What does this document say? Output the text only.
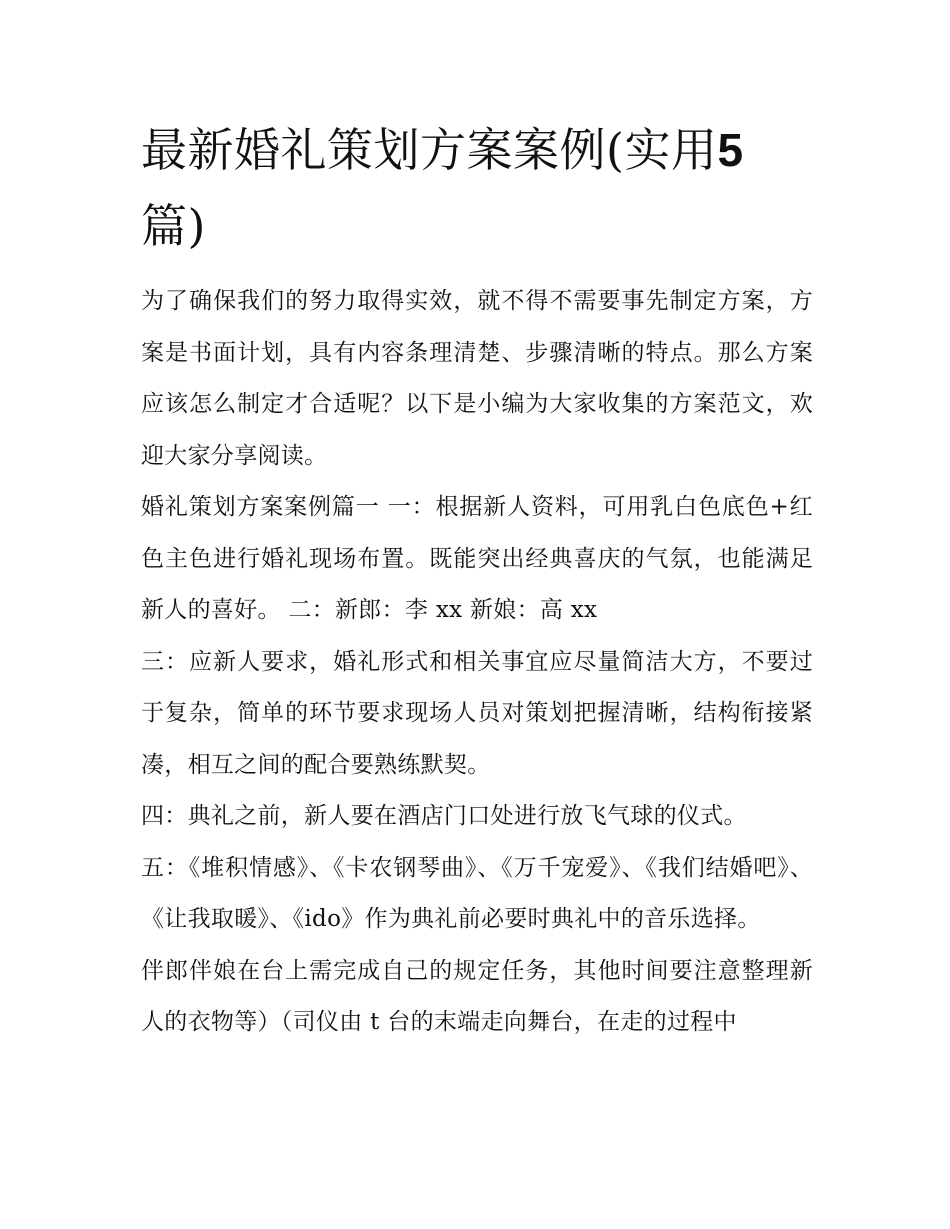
最新婚礼策划方案案例(实用5
篇)

为了确保我们的努力取得实效，就不得不需要事先制定方案，方案是书面计划，具有内容条理清楚、步骤清晰的特点。那么方案应该怎么制定才合适呢？以下是小编为大家收集的方案范文，欢迎大家分享阅读。

婚礼策划方案案例篇一 一：根据新人资料，可用乳白色底色+红色主色进行婚礼现场布置。既能突出经典喜庆的气氛，也能满足新人的喜好。 二：新郎：李 xx 新娘：高 xx

三：应新人要求，婚礼形式和相关事宜应尽量简洁大方，不要过于复杂，简单的环节要求现场人员对策划把握清晰，结构衔接紧凑，相互之间的配合要熟练默契。

四：典礼之前，新人要在酒店门口处进行放飞气球的仪式。

五：《堆积情感》、《卡农钢琴曲》、《万千宠爱》、《我们结婚吧》、《让我取暖》、《ido》作为典礼前必要时典礼中的音乐选择。

伴郎伴娘在台上需完成自己的规定任务，其他时间要注意整理新人的衣物等）（司仪由 t 台的末端走向舞台，在走的过程中
